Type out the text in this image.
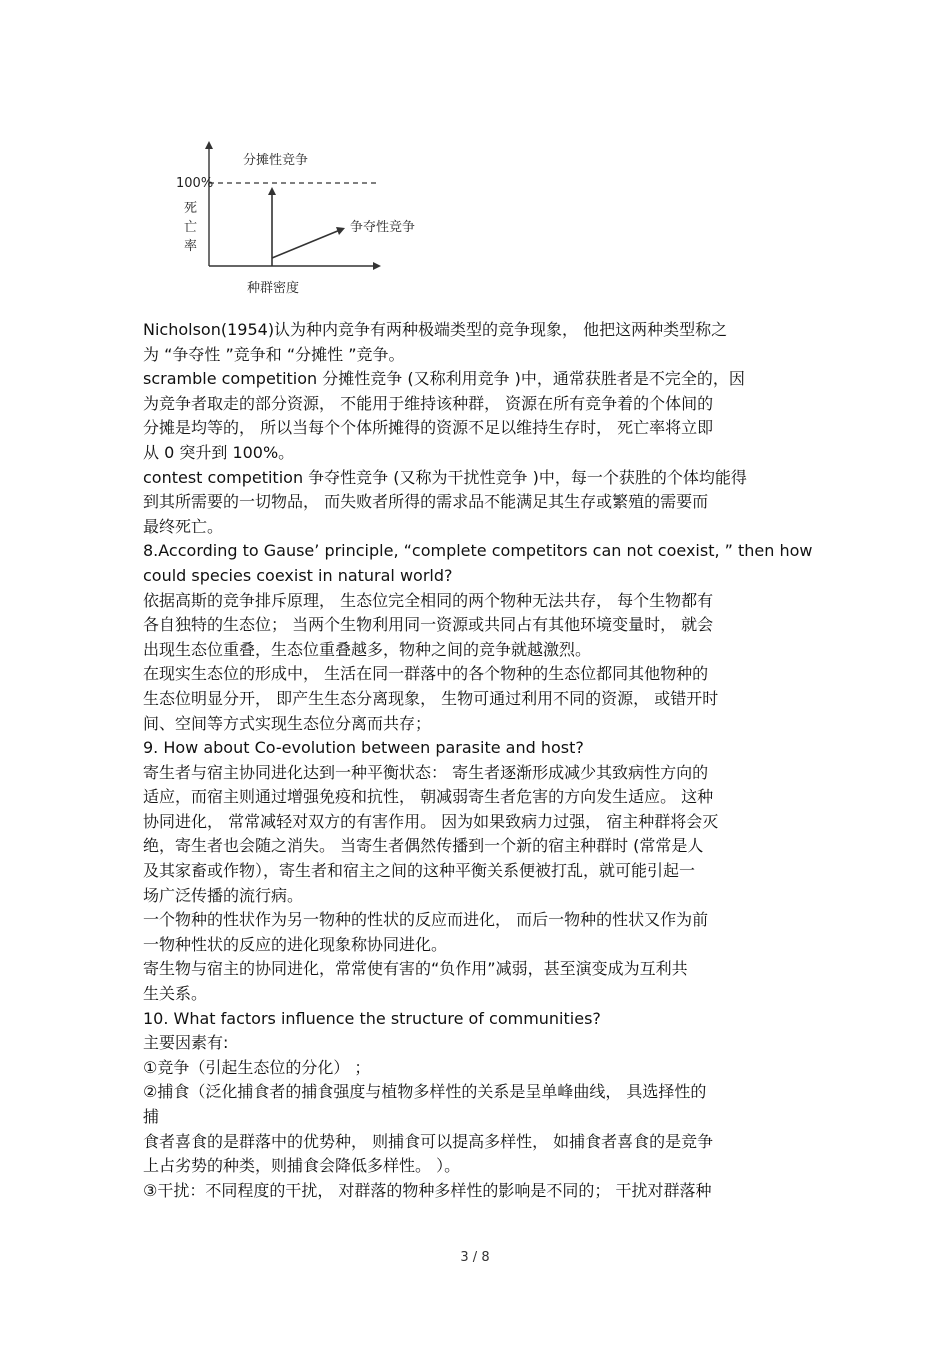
分摊性竞争
100%
死
亡
率
争夺性竞争
种群密度
Nicholson(1954)认为种内竞争有两种极端类型的竞争现象， 他把这两种类型称之
为 “争夺性 ”竞争和 “分摊性 ”竞争。
scramble competition 分摊性竞争 (又称利用竞争 )中，通常获胜者是不完全的，因
为竞争者取走的部分资源， 不能用于维持该种群， 资源在所有竞争着的个体间的
分摊是均等的， 所以当每个个体所摊得的资源不足以维持生存时， 死亡率将立即
从 0 突升到 100%。
contest competition 争夺性竞争 (又称为干扰性竞争 )中，每一个获胜的个体均能得
到其所需要的一切物品， 而失败者所得的需求品不能满足其生存或繁殖的需要而
最终死亡。
8.According to Gause’ principle, “complete competitors can not coexist, ” then how
could species coexist in natural world?
依据高斯的竞争排斥原理， 生态位完全相同的两个物种无法共存， 每个生物都有
各自独特的生态位； 当两个生物利用同一资源或共同占有其他环境变量时， 就会
出现生态位重叠，生态位重叠越多，物种之间的竞争就越激烈。
在现实生态位的形成中， 生活在同一群落中的各个物种的生态位都同其他物种的
生态位明显分开， 即产生生态分离现象， 生物可通过利用不同的资源， 或错开时
间、空间等方式实现生态位分离而共存；
9. How about Co-evolution between parasite and host?
寄生者与宿主协同进化达到一种平衡状态： 寄生者逐渐形成减少其致病性方向的
适应，而宿主则通过增强免疫和抗性， 朝减弱寄生者危害的方向发生适应。 这种
协同进化， 常常减轻对双方的有害作用。 因为如果致病力过强， 宿主种群将会灭
绝，寄生者也会随之消失。 当寄生者偶然传播到一个新的宿主种群时 (常常是人
及其家畜或作物），寄生者和宿主之间的这种平衡关系便被打乱，就可能引起一
场广泛传播的流行病。
一个物种的性状作为另一物种的性状的反应而进化， 而后一物种的性状又作为前
一物种性状的反应的进化现象称协同进化。
寄生物与宿主的协同进化，常常使有害的“负作用”减弱，甚至演变成为互利共
生关系。
10. What factors influence the structure of communities?
主要因素有:
①竞争（引起生态位的分化） ；
②捕食（泛化捕食者的捕食强度与植物多样性的关系是呈单峰曲线， 具选择性的
捕
食者喜食的是群落中的优势种， 则捕食可以提高多样性， 如捕食者喜食的是竞争
上占劣势的种类，则捕食会降低多样性。 ）。
③干扰：不同程度的干扰， 对群落的物种多样性的影响是不同的； 干扰对群落种
3 / 8
